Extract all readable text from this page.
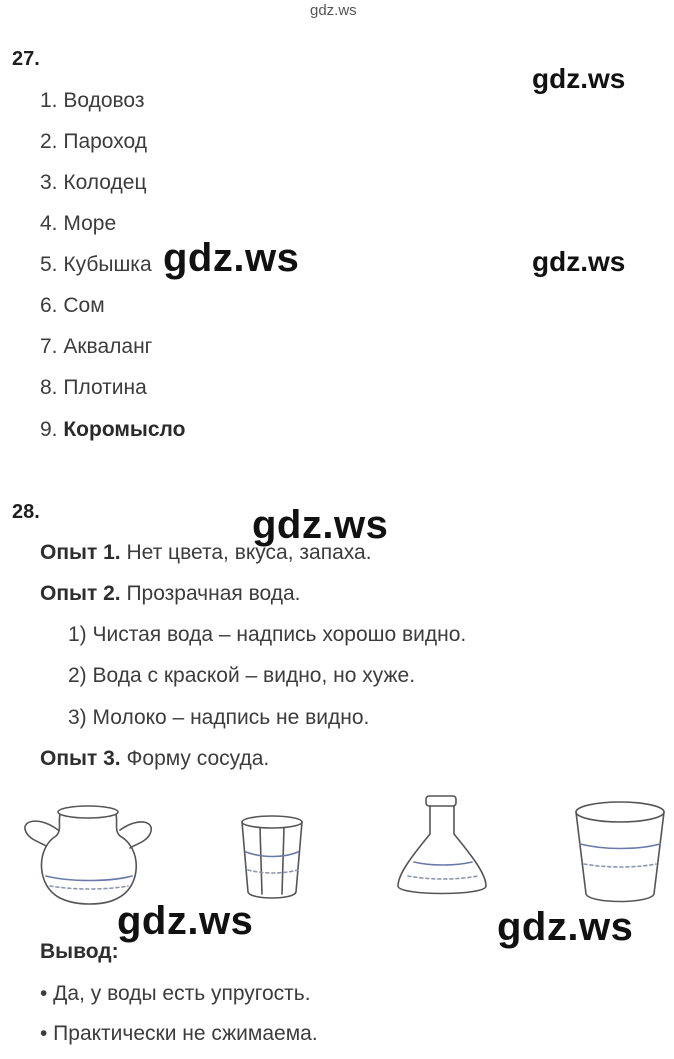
gdz.ws
27.
1. Водовоз
2. Пароход
3. Колодец
4. Море
5. Кубышка
6. Сом
7. Акваланг
8. Плотина
9. Коромысло
gdz.ws
gdz.ws	gdz.ws
28.	gdz.ws
Опыт 1. Нет цвета, вкуса, запаха.
Опыт 2. Прозрачная вода.
1) Чистая вода – надпись хорошо видно.
2) Вода с краской – видно, но хуже.
3) Молоко – надпись не видно.
Опыт 3. Форму сосуда.
gdz.ws	gdz.ws
Вывод:
• Да, у воды есть упругость.
• Практически не сжимаема.
